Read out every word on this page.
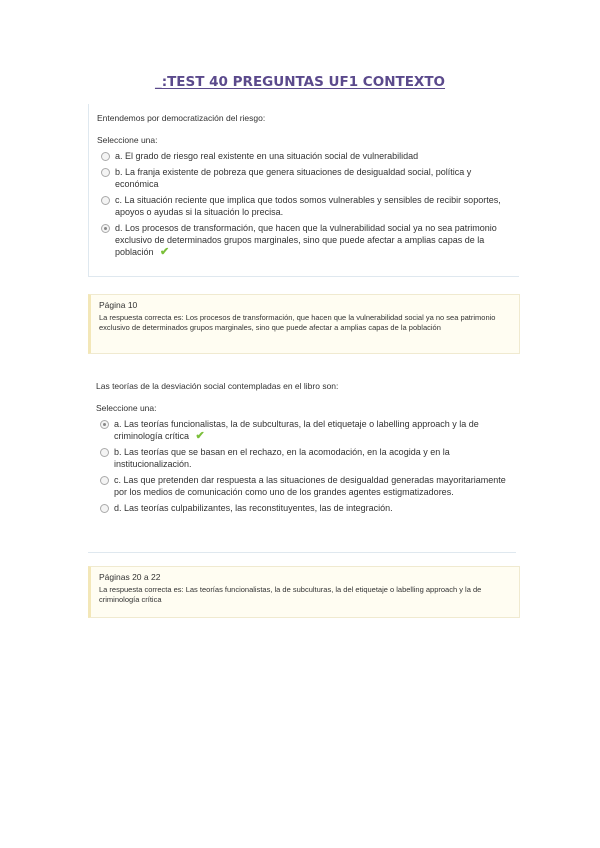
_:TEST 40 PREGUNTAS UF1 CONTEXTO
Entendemos por democratización del riesgo:
Seleccione una:
a. El grado de riesgo real existente en una situación social de vulnerabilidad
b. La franja existente de pobreza que genera situaciones de desigualdad social, política y económica
c. La situación reciente que implica que todos somos vulnerables y sensibles de recibir soportes, apoyos o ayudas si la situación lo precisa.
d. Los procesos de transformación, que hacen que la vulnerabilidad social ya no sea patrimonio exclusivo de determinados grupos marginales, sino que puede afectar a amplias capas de la población ✔
Página 10
La respuesta correcta es: Los procesos de transformación, que hacen que la vulnerabilidad social ya no sea patrimonio exclusivo de determinados grupos marginales, sino que puede afectar a amplias capas de la población
Las teorías de la desviación social contempladas en el libro son:
Seleccione una:
a. Las teorías funcionalistas, la de subculturas, la del etiquetaje o labelling approach y la de criminología crítica ✔
b. Las teorías que se basan en el rechazo, en la acomodación, en la acogida y en la institucionalización.
c. Las que pretenden dar respuesta a las situaciones de desigualdad generadas mayoritariamente por los medios de comunicación como uno de los grandes agentes estigmatizadores.
d. Las teorías culpabilizantes, las reconstituyentes, las de integración.
Páginas 20 a 22
La respuesta correcta es: Las teorías funcionalistas, la de subculturas, la del etiquetaje o labelling approach y la de criminología crítica
